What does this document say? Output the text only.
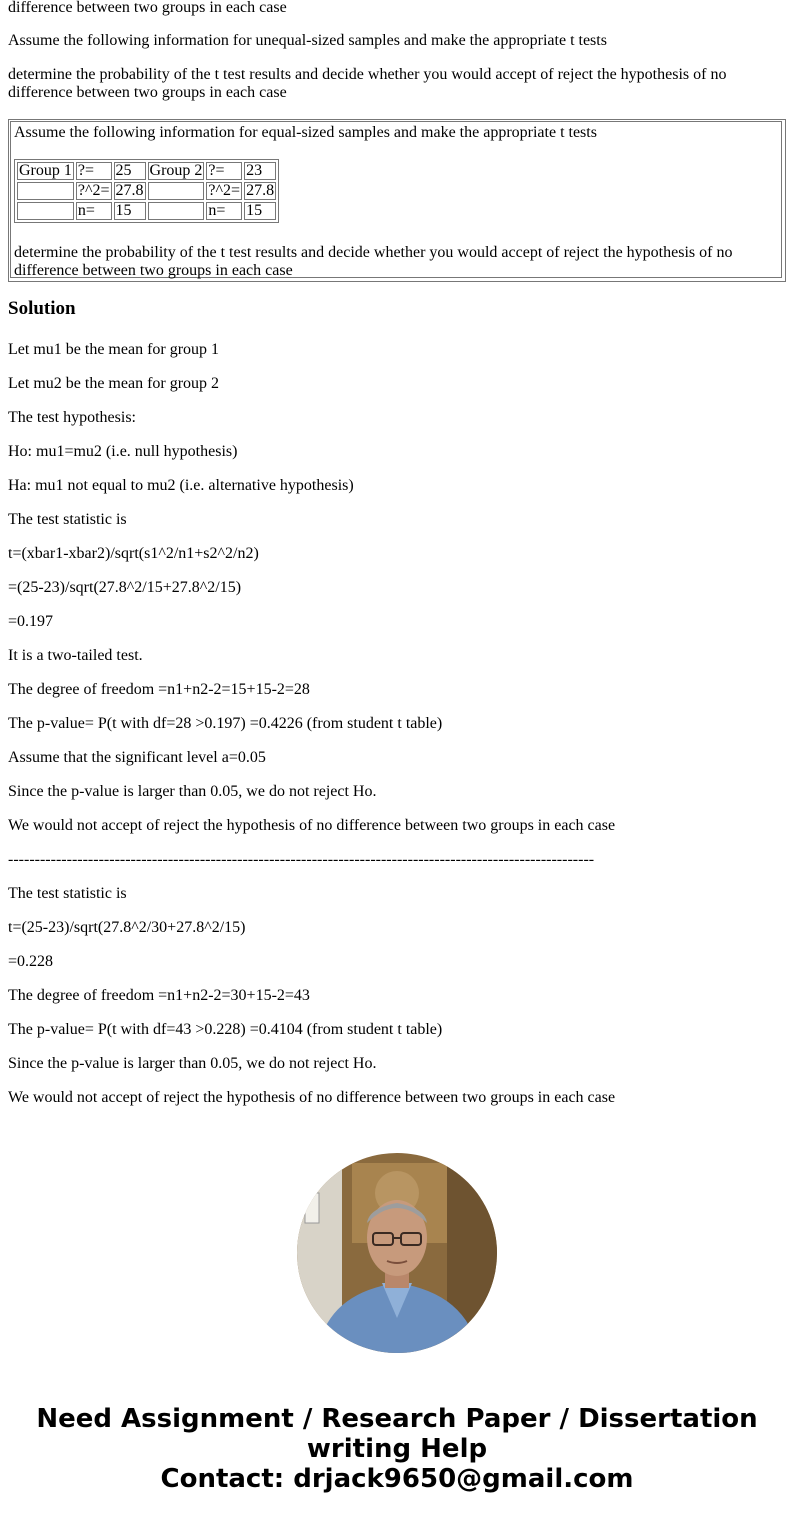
difference between two groups in each case

Assume the following information for unequal-sized samples and make the appropriate t tests

determine the probability of the t test results and decide whether you would accept of reject the hypothesis of no difference between two groups in each case

Assume the following information for equal-sized samples and make the appropriate t tests
Group 1	?=	25	Group 2	?=	23
	?^2=	27.8		?^2=	27.8
	n=	15		n=	15
determine the probability of the t test results and decide whether you would accept of reject the hypothesis of no difference between two groups in each case
Solution

Let mu1 be the mean for group 1

Let mu2 be the mean for group 2

The test hypothesis:

Ho: mu1=mu2 (i.e. null hypothesis)

Ha: mu1 not equal to mu2 (i.e. alternative hypothesis)

The test statistic is

t=(xbar1-xbar2)/sqrt(s1^2/n1+s2^2/n2)

=(25-23)/sqrt(27.8^2/15+27.8^2/15)

=0.197

It is a two-tailed test.

The degree of freedom =n1+n2-2=15+15-2=28

The p-value= P(t with df=28 >0.197) =0.4226 (from student t table)

Assume that the significant level a=0.05

Since the p-value is larger than 0.05, we do not reject Ho.

We would not accept of reject the hypothesis of no difference between two groups in each case

--------------------------------------------------------------------------------------------------------------

The test statistic is

t=(25-23)/sqrt(27.8^2/30+27.8^2/15)

=0.228

The degree of freedom =n1+n2-2=30+15-2=43

The p-value= P(t with df=43 >0.228) =0.4104 (from student t table)

Since the p-value is larger than 0.05, we do not reject Ho.

We would not accept of reject the hypothesis of no difference between two groups in each case

Need Assignment / Research Paper / Dissertation
writing Help
Contact: drjack9650@gmail.com
